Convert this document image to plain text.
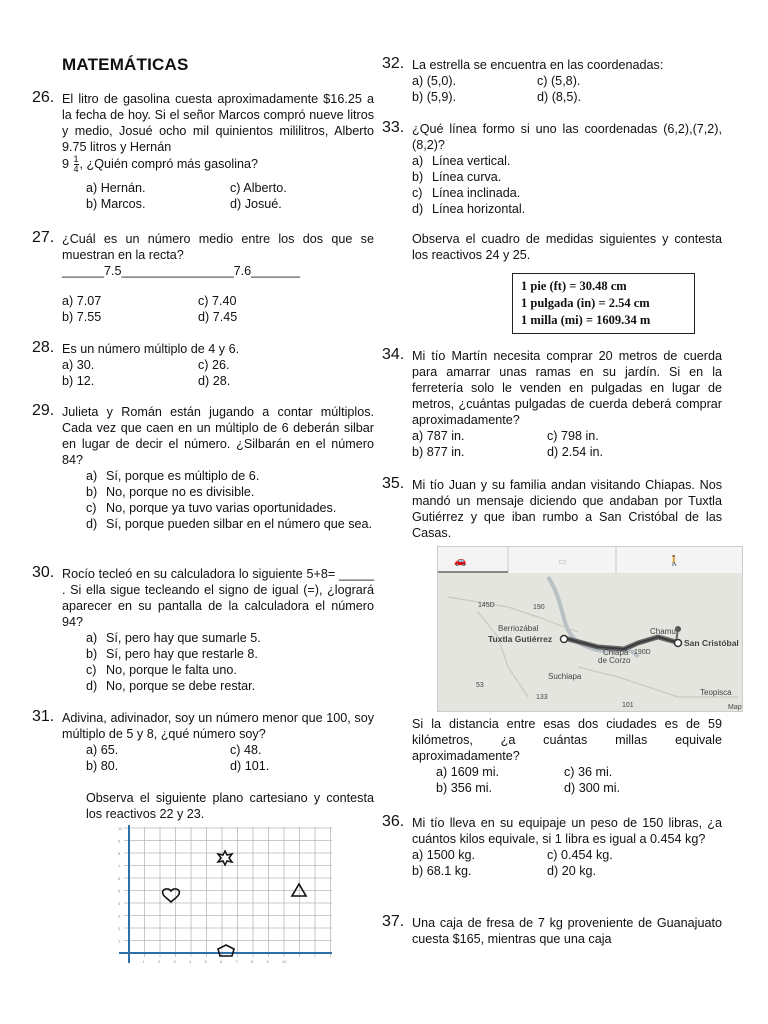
MATEMÁTICAS
26. El litro de gasolina cuesta aproximadamente $16.25 a la fecha de hoy. Si el señor Marcos compró nueve litros y medio, Josué ocho mil quinientos mililitros, Alberto 9.75 litros y Hernán
$9 \frac{1}{4}$ , ¿Quién compró más gasolina?
a) Hernán.	c) Alberto.
b) Marcos.	d) Josué.
27. ¿Cuál es un número medio entre los dos que se muestran en la recta?
______7.5________________7.6_______
a) 7.07	c) 7.40
b) 7.55	d) 7.45
28. Es un número múltiplo de 4 y 6.
a) 30.	c) 26.
b) 12.	d) 28.
29. Julieta y Román están jugando a contar múltiplos. Cada vez que caen en un múltiplo de 6 deberán silbar en lugar de decir el número. ¿Silbarán en el número 84?
a) Sí, porque es múltiplo de 6.
b) No, porque no es divisible.
c) No, porque ya tuvo varias oportunidades.
d) Sí, porque pueden silbar en el número que sea.
30. Rocío tecleó en su calculadora lo siguiente 5+8= _____ . Si ella sigue tecleando el signo de igual (=), ¿logrará aparecer en su pantalla de la calculadora el número 94?
a) Sí, pero hay que sumarle 5.
b) Sí, pero hay que restarle 8.
c) No, porque le falta uno.
d) No, porque se debe restar.
31. Adivina, adivinador, soy un número menor que 100, soy múltiplo de 5 y 8, ¿qué número soy?
a) 65.	c) 48.
b) 80.	d) 101.
Observa el siguiente plano cartesiano y contesta los reactivos 22 y 23.
1	2	3	4	5	6	7	8	9	10
10
9
8
7
6
5
4
3
2
1
32. La estrella se encuentra en las coordenadas:
a) (5,0).	c) (5,8).
b) (5,9).	d) (8,5).
33. ¿Qué línea formo si uno las coordenadas (6,2),(7,2), (8,2)?
a) Línea vertical.
b) Línea curva.
c) Línea inclinada.
d) Línea horizontal.
Observa el cuadro de medidas siguientes y contesta los reactivos 24 y 25.
1 pie (ft) = 30.48 cm
1 pulgada (in) = 2.54 cm
1 milla (mi) = 1609.34 m
34. Mi tío Martín necesita comprar 20 metros de cuerda para amarrar unas ramas en su jardín. Si en la ferretería solo le venden en pulgadas en lugar de metros, ¿cuántas pulgadas de cuerda deberá comprar aproximadamente?
a) 787 in.	c) 798 in.
b) 877 in.	d) 2.54 in.
35. Mi tío Juan y su familia andan visitando Chiapas. Nos mandó un mensaje diciendo que andaban por Tuxtla Gutiérrez y que iban rumbo a San Cristóbal de las Casas.
🚗	▭	🚶
Tuxtla Gutiérrez	San Cristóbal
Berriozábal
Chiapa
de Corzo
Suchiapa
Chamu
Teopisca
Map
145D	190
190D
53
133
101
Si la distancia entre esas dos ciudades es de 59 kilómetros, ¿a cuántas millas equivale aproximadamente?
a) 1609 mi.	c) 36 mi.
b) 356 mi.	d) 300 mi.
36. Mi tío lleva en su equipaje un peso de 150 libras, ¿a cuántos kilos equivale, si 1 libra es igual a 0.454 kg?
a) 1500 kg.	c) 0.454 kg.
b) 68.1 kg.	d) 20 kg.
37. Una caja de fresa de 7 kg proveniente de Guanajuato cuesta $165, mientras que una caja
